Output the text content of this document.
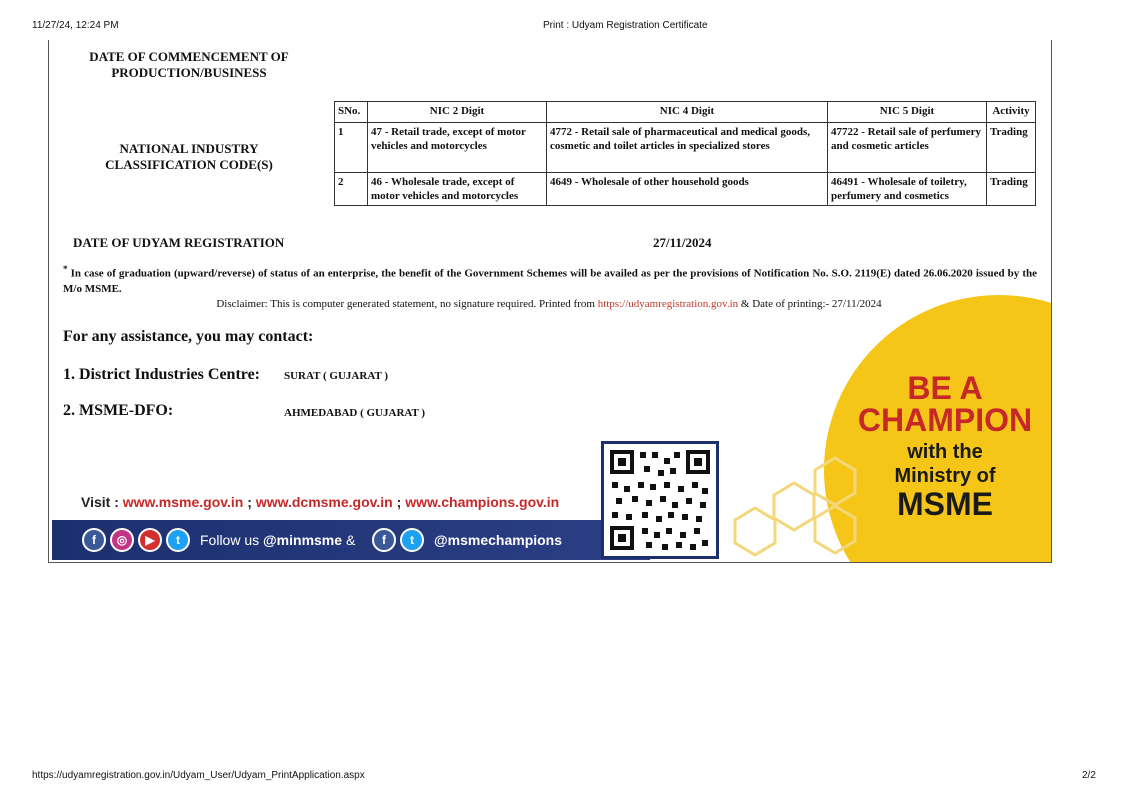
11/27/24, 12:24 PM	Print : Udyam Registration Certificate
DATE OF COMMENCEMENT OF PRODUCTION/BUSINESS
NATIONAL INDUSTRY CLASSIFICATION CODE(S)
SNo.	NIC 2 Digit	NIC 4 Digit	NIC 5 Digit	Activity
1	47 - Retail trade, except of motor vehicles and motorcycles	4772 - Retail sale of pharmaceutical and medical goods, cosmetic and toilet articles in specialized stores	47722 - Retail sale of perfumery and cosmetic articles	Trading
2	46 - Wholesale trade, except of motor vehicles and motorcycles	4649 - Wholesale of other household goods	46491 - Wholesale of toiletry, perfumery and cosmetics	Trading
DATE OF UDYAM REGISTRATION	27/11/2024
* In case of graduation (upward/reverse) of status of an enterprise, the benefit of the Government Schemes will be availed as per the provisions of Notification No. S.O. 2119(E) dated 26.06.2020 issued by the M/o MSME.
Disclaimer: This is computer generated statement, no signature required. Printed from https://udyamregistration.gov.in & Date of printing:- 27/11/2024
For any assistance, you may contact:
1. District Industries Centre: SURAT ( GUJARAT )
2. MSME-DFO:	AHMEDABAD ( GUJARAT )
BE A
CHAMPION
with the
Ministry of
MSME
Visit : www.msme.gov.in ; www.dcmsme.gov.in ; www.champions.gov.in
f	◎	▶	t	Follow us @minmsme &	f	t	@msmechampions
https://udyamregistration.gov.in/Udyam_User/Udyam_PrintApplication.aspx	2/2
